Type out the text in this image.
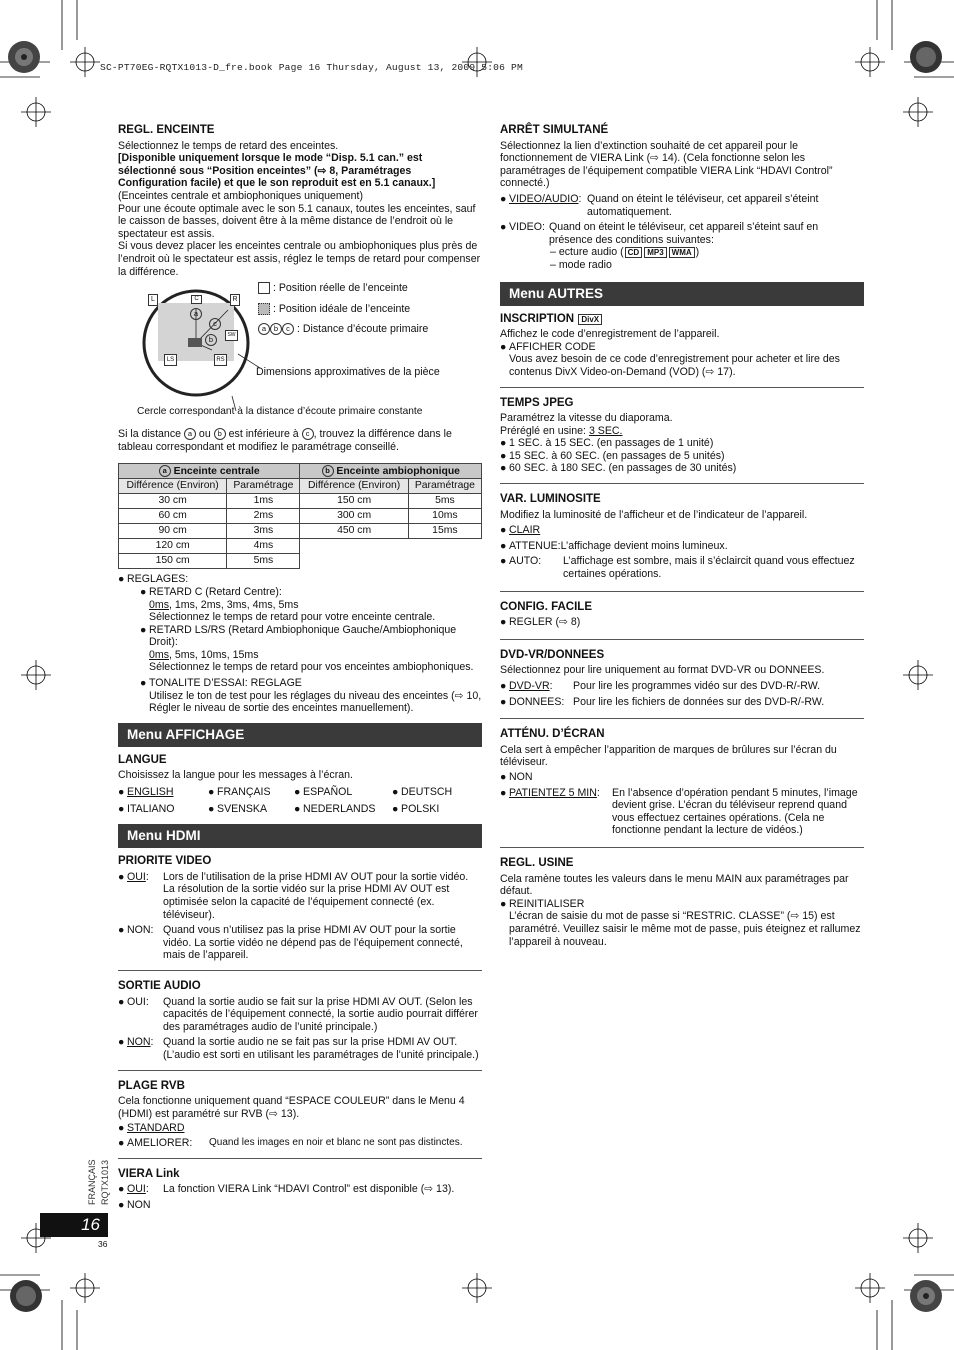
SC-PT70EG-RQTX1013-D_fre.book Page 16 Thursday, August 13, 2009 5:06 PM
FRANÇAIS RQTX1013
16
36
REGL. ENCEINTE

Sélectionnez le temps de retard des enceintes.

[Disponible uniquement lorsque le mode “Disp. 5.1 can.” est sélectionné sous “Position enceintes” (⇨ 8, Paramétrages Configuration facile) et que le son reproduit est en 5.1 canaux.]

(Enceintes centrale et ambiophoniques uniquement)

Pour une écoute optimale avec le son 5.1 canaux, toutes les enceintes, sauf le caisson de basses, doivent être à la même distance de l’endroit où le spectateur est assis.

Si vous devez placer les enceintes centrale ou ambiophoniques plus près de l’endroit où le spectateur est assis, réglez le temps de retard pour compenser la différence.

L	C	R
SW
LS	RS
a
c
b
: Position réelle de l’enceinte
: Position idéale de l’enceinte
a b c : Distance d’écoute primaire
Dimensions approximatives de la pièce
Cercle correspondant à la distance d’écoute primaire constante

Si la distance a ou b est inférieure à c , trouvez la différence dans le tableau correspondant et modifiez le paramétrage conseillé.

a Enceinte centrale		b Enceinte ambiophonique	
Différence (Environ)	Paramétrage	Différence (Environ)	Paramétrage
30 cm	1ms	150 cm	5ms
60 cm	2ms	300 cm	10ms
90 cm	3ms	450 cm	15ms
120 cm	4ms		
150 cm	5ms		
● REGLAGES:
● RETARD C (Retard Centre):
0ms, 1ms, 2ms, 3ms, 4ms, 5ms
Sélectionnez le temps de retard pour votre enceinte centrale.
● RETARD LS/RS (Retard Ambiophonique Gauche/Ambiophonique Droit):
0ms, 5ms, 10ms, 15ms
Sélectionnez le temps de retard pour vos enceintes ambiophoniques.
● TONALITE D’ESSAI: REGLAGE
Utilisez le ton de test pour les réglages du niveau des enceintes (⇨ 10, Régler le niveau de sortie des enceintes manuellement).
Menu AFFICHAGE
LANGUE

Choisissez la langue pour les messages à l’écran.

● ENGLISH	● FRANÇAIS ● ESPAÑOL	● DEUTSCH
● ITALIANO	● SVENSKA	● NEDERLANDS ● POLSKI
Menu HDMI
PRIORITE VIDEO
● OUI:	Lors de l’utilisation de la prise HDMI AV OUT pour la sortie vidéo. La résolution de la sortie vidéo sur la prise HDMI AV OUT est optimisée selon la capacité de l’équipement connecté (ex. téléviseur).
● NON: Quand vous n’utilisez pas la prise HDMI AV OUT pour la sortie vidéo. La sortie vidéo ne dépend pas de l’équipement connecté, mais de l’appareil.
SORTIE AUDIO
● OUI:	Quand la sortie audio se fait sur la prise HDMI AV OUT. (Selon les capacités de l’équipement connecté, la sortie audio pourrait différer des paramétrages audio de l’unité principale.)
● NON: Quand la sortie audio ne se fait pas sur la prise HDMI AV OUT. (L’audio est sorti en utilisant les paramétrages de l’unité principale.)
PLAGE RVB

Cela fonctionne uniquement quand “ESPACE COULEUR” dans le Menu 4 (HDMI) est paramétré sur RVB (⇨ 13).

● STANDARD
● AMELIORER:	Quand les images en noir et blanc ne sont pas distinctes.
VIERA Link
● OUI:	La fonction VIERA Link “HDAVI Control” est disponible (⇨ 13).
● NON
ARRÊT SIMULTANÉ

Sélectionnez la lien d’extinction souhaité de cet appareil pour le fonctionnement de VIERA Link (⇨ 14). (Cela fonctionne selon les paramétrages de l’équipement compatible VIERA Link “HDAVI Control” connecté.)

● VIDEO/AUDIO: Quand on éteint le téléviseur, cet appareil s’éteint automatiquement.
● VIDEO: Quand on éteint le téléviseur, cet appareil s’éteint sauf en présence des conditions suivantes:
– ecture audio ( CD MP3 WMA )
– mode radio
Menu AUTRES
INSCRIPTION DivX

Affichez le code d’enregistrement de l’appareil.

● AFFICHER CODE
Vous avez besoin de ce code d’enregistrement pour acheter et lire des contenus DivX Video-on-Demand (VOD) (⇨ 17).
TEMPS JPEG

Paramétrez la vitesse du diaporama.

Préréglé en usine: 3 SEC.

● 1 SEC. à 15 SEC. (en passages de 1 unité)
● 15 SEC. à 60 SEC. (en passages de 5 unités)
● 60 SEC. à 180 SEC. (en passages de 30 unités)
VAR. LUMINOSITE

Modifiez la luminosité de l’afficheur et de l’indicateur de l’appareil.

● CLAIR
● ATTENUE:L’affichage devient moins lumineux.
● AUTO:	L’affichage est sombre, mais il s’éclaircit quand vous effectuez certaines opérations.
CONFIG. FACILE
● REGLER (⇨ 8)
DVD-VR/DONNEES

Sélectionnez pour lire uniquement au format DVD-VR ou DONNEES.

● DVD-VR:	Pour lire les programmes vidéo sur des DVD-R/-RW.
● DONNEES: Pour lire les fichiers de données sur des DVD-R/-RW.
ATTÉNU. D’ÉCRAN

Cela sert à empêcher l’apparition de marques de brûlures sur l’écran du téléviseur.

● NON
● PATIENTEZ 5 MIN:	En l’absence d’opération pendant 5 minutes, l’image devient grise. L’écran du téléviseur reprend quand vous effectuez certaines opérations. (Cela ne fonctionne pendant la lecture de vidéos.)
REGL. USINE

Cela ramène toutes les valeurs dans le menu MAIN aux paramétrages par défaut.

● REINITIALISER
L’écran de saisie du mot de passe si “RESTRIC. CLASSE” (⇨ 15) est paramétré. Veuillez saisir le même mot de passe, puis éteignez et rallumez l’appareil à nouveau.
